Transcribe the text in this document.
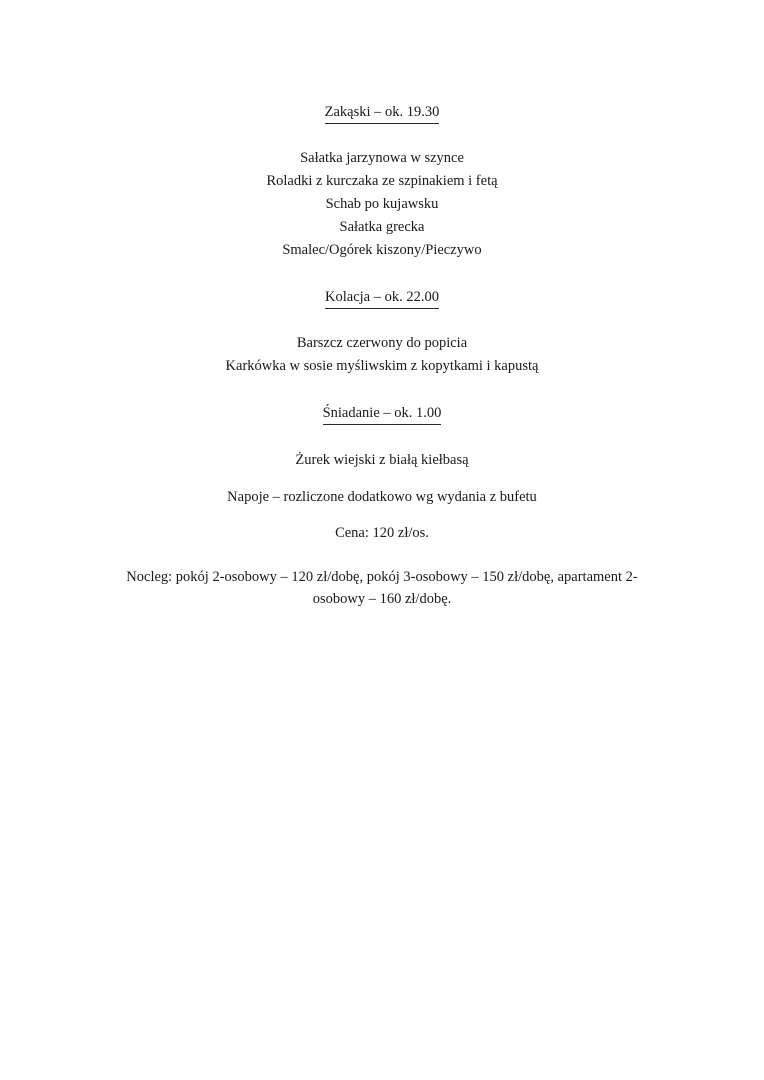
Zakąski – ok. 19.30
Sałatka jarzynowa w szynce
Roladki z kurczaka ze szpinakiem i fetą
Schab po kujawsku
Sałatka grecka
Smalec/Ogórek kiszony/Pieczywo
Kolacja – ok. 22.00
Barszcz czerwony do popicia
Karkówka w sosie myśliwskim z kopytkami i kapustą
Śniadanie – ok. 1.00
Żurek wiejski z białą kiełbasą
Napoje – rozliczone dodatkowo wg wydania z bufetu
Cena: 120 zł/os.
Nocleg: pokój 2-osobowy – 120 zł/dobę, pokój 3-osobowy – 150 zł/dobę, apartament 2-
osobowy – 160 zł/dobę.
